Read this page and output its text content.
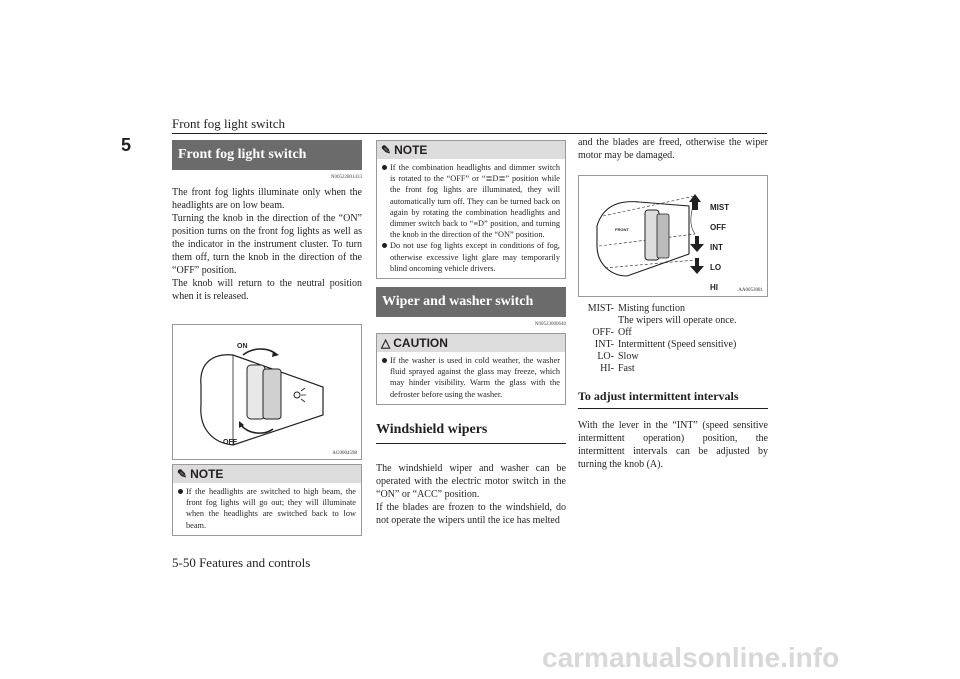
Front fog light switch
5
5-50 Features and controls
Front fog light switch
N00522801433
The front fog lights illuminate only when the headlights are on low beam.
Turning the knob in the direction of the “ON” position turns on the front fog lights as well as the indicator in the instrument cluster. To turn them off, turn the knob in the direction of the “OFF” position.
The knob will return to the neutral position when it is released.
ON
OFF
AG0004598
✎ NOTE
If the headlights are switched to high beam, the front fog lights will go out; they will illuminate when the headlights are switched back to low beam.
✎ NOTE
If the combination headlights and dimmer switch is rotated to the “OFF” or “≣D≣” position while the front fog lights are illuminated, they will automatically turn off. They can be turned back on again by rotating the combination headlights and dimmer switch back to “≡D” position, and turning the knob in the direction of the “ON” position.
Do not use fog lights except in conditions of fog, otherwise excessive light glare may temporarily blind oncoming vehicle drivers.
Wiper and washer switch
N00523000640
△ CAUTION
If the washer is used in cold weather, the washer fluid sprayed against the glass may freeze, which may hinder visibility. Warm the glass with the defroster before using the washer.
Windshield wipers
The windshield wiper and washer can be operated with the electric motor switch in the “ON” or “ACC” position.
If the blades are frozen to the windshield, do not operate the wipers until the ice has melted
and the blades are freed, otherwise the wiper motor may be damaged.
FRONT
MIST
OFF
INT
LO
HI	AA0053081
MIST- Misting function
The wipers will operate once.
OFF- Off
INT- Intermittent (Speed sensitive)
LO- Slow
HI- Fast
To adjust intermittent intervals
With the lever in the “INT” (speed sensitive intermittent operation) position, the intermittent intervals can be adjusted by turning the knob (A).
carmanualsonline.info
